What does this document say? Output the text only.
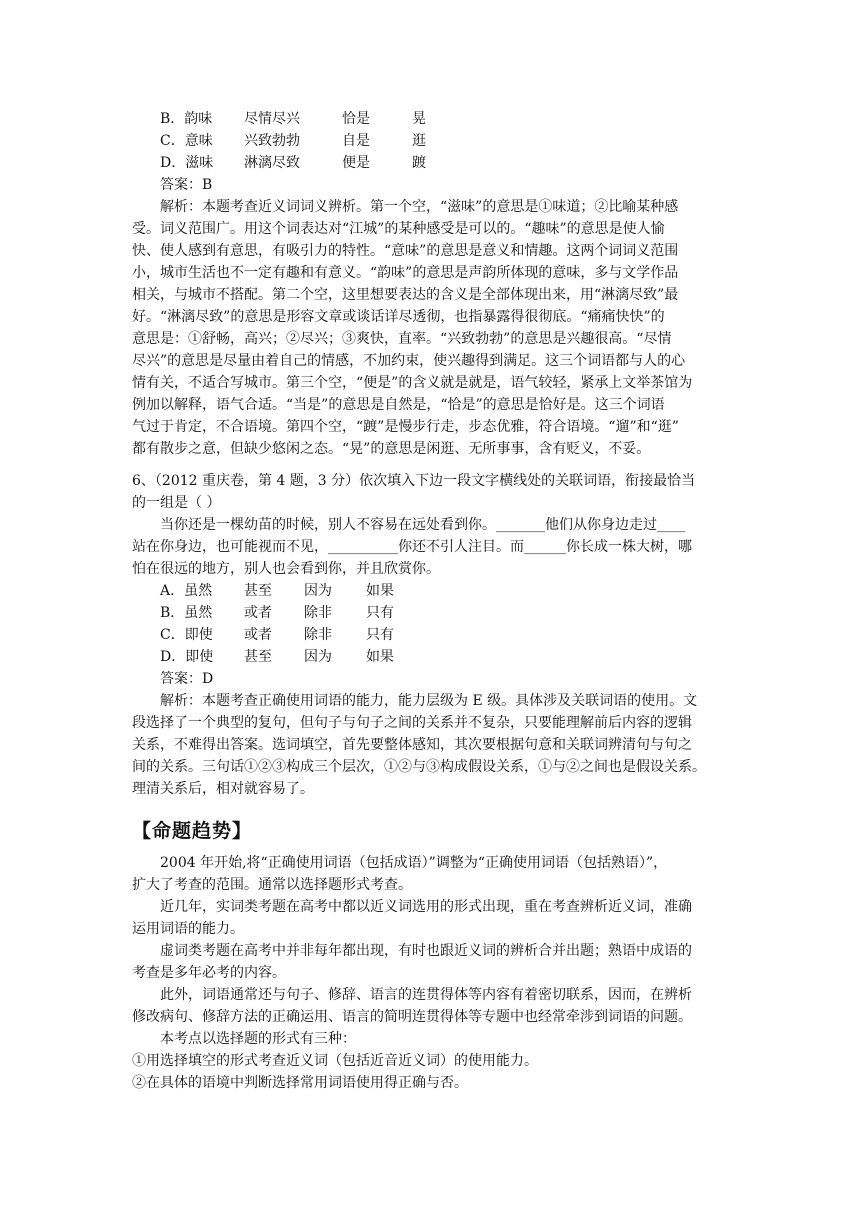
B．韵味 尽情尽兴	恰是	晃
C．意味 兴致勃勃	自是	逛
D．滋味 淋漓尽致	便是	踱
答案：B
解析：本题考查近义词词义辨析。第一个空，“滋味”的意思是①味道；②比喻某种感
受。词义范围广。用这个词表达对“江城”的某种感受是可以的。“趣味”的意思是使人愉
快、使人感到有意思，有吸引力的特性。“意味”的意思是意义和情趣。这两个词词义范围
小，城市生活也不一定有趣和有意义。“韵味”的意思是声韵所体现的意味，多与文学作品
相关，与城市不搭配。第二个空，这里想要表达的含义是全部体现出来，用“淋漓尽致”最
好。“淋漓尽致”的意思是形容文章或谈话详尽透彻，也指暴露得很彻底。“痛痛快快”的
意思是：①舒畅，高兴；②尽兴；③爽快，直率。“兴致勃勃”的意思是兴趣很高。“尽情
尽兴”的意思是尽量由着自己的情感，不加约束，使兴趣得到满足。这三个词语都与人的心
情有关，不适合写城市。第三个空，“便是”的含义就是就是，语气较轻，紧承上文举茶馆为
例加以解释，语气合适。“当是”的意思是自然是，“恰是”的意思是恰好是。这三个词语
气过于肯定，不合语境。第四个空，“踱”是慢步行走，步态优雅，符合语境。“遛”和“逛”
都有散步之意，但缺少悠闲之态。“晃”的意思是闲逛、无所事事，含有贬义，不妥。
6、（2012 重庆卷，第 4 题，3 分）依次填入下边一段文字横线处的关联词语，衔接最恰当
的一组是（ ）
当你还是一棵幼苗的时候，别人不容易在远处看到你。_______他们从你身边走过____
站在你身边，也可能视而不见，__________你还不引人注目。而______你长成一株大树，哪
怕在很远的地方，别人也会看到你，并且欣赏你。
A．虽然 甚至 因为 如果
B．虽然 或者 除非 只有
C．即使 或者 除非 只有
D．即使 甚至 因为 如果
答案：D
解析：本题考查正确使用词语的能力，能力层级为 E 级。具体涉及关联词语的使用。文
段选择了一个典型的复句，但句子与句子之间的关系并不复杂，只要能理解前后内容的逻辑
关系，不难得出答案。选词填空，首先要整体感知，其次要根据句意和关联词辨清句与句之
间的关系。三句话①②③构成三个层次，①②与③构成假设关系，①与②之间也是假设关系。
理清关系后，相对就容易了。
【命题趋势】
2004 年开始,将“正确使用词语（包括成语）”调整为“正确使用词语（包括熟语）”，
扩大了考查的范围。通常以选择题形式考查。
近几年，实词类考题在高考中都以近义词选用的形式出现，重在考查辨析近义词，准确
运用词语的能力。
虚词类考题在高考中并非每年都出现，有时也跟近义词的辨析合并出题；熟语中成语的
考查是多年必考的内容。
此外，词语通常还与句子、修辞、语言的连贯得体等内容有着密切联系，因而，在辨析
修改病句、修辞方法的正确运用、语言的简明连贯得体等专题中也经常牵涉到词语的问题。
本考点以选择题的形式有三种：
①用选择填空的形式考查近义词（包括近音近义词）的使用能力。
②在具体的语境中判断选择常用词语使用得正确与否。
